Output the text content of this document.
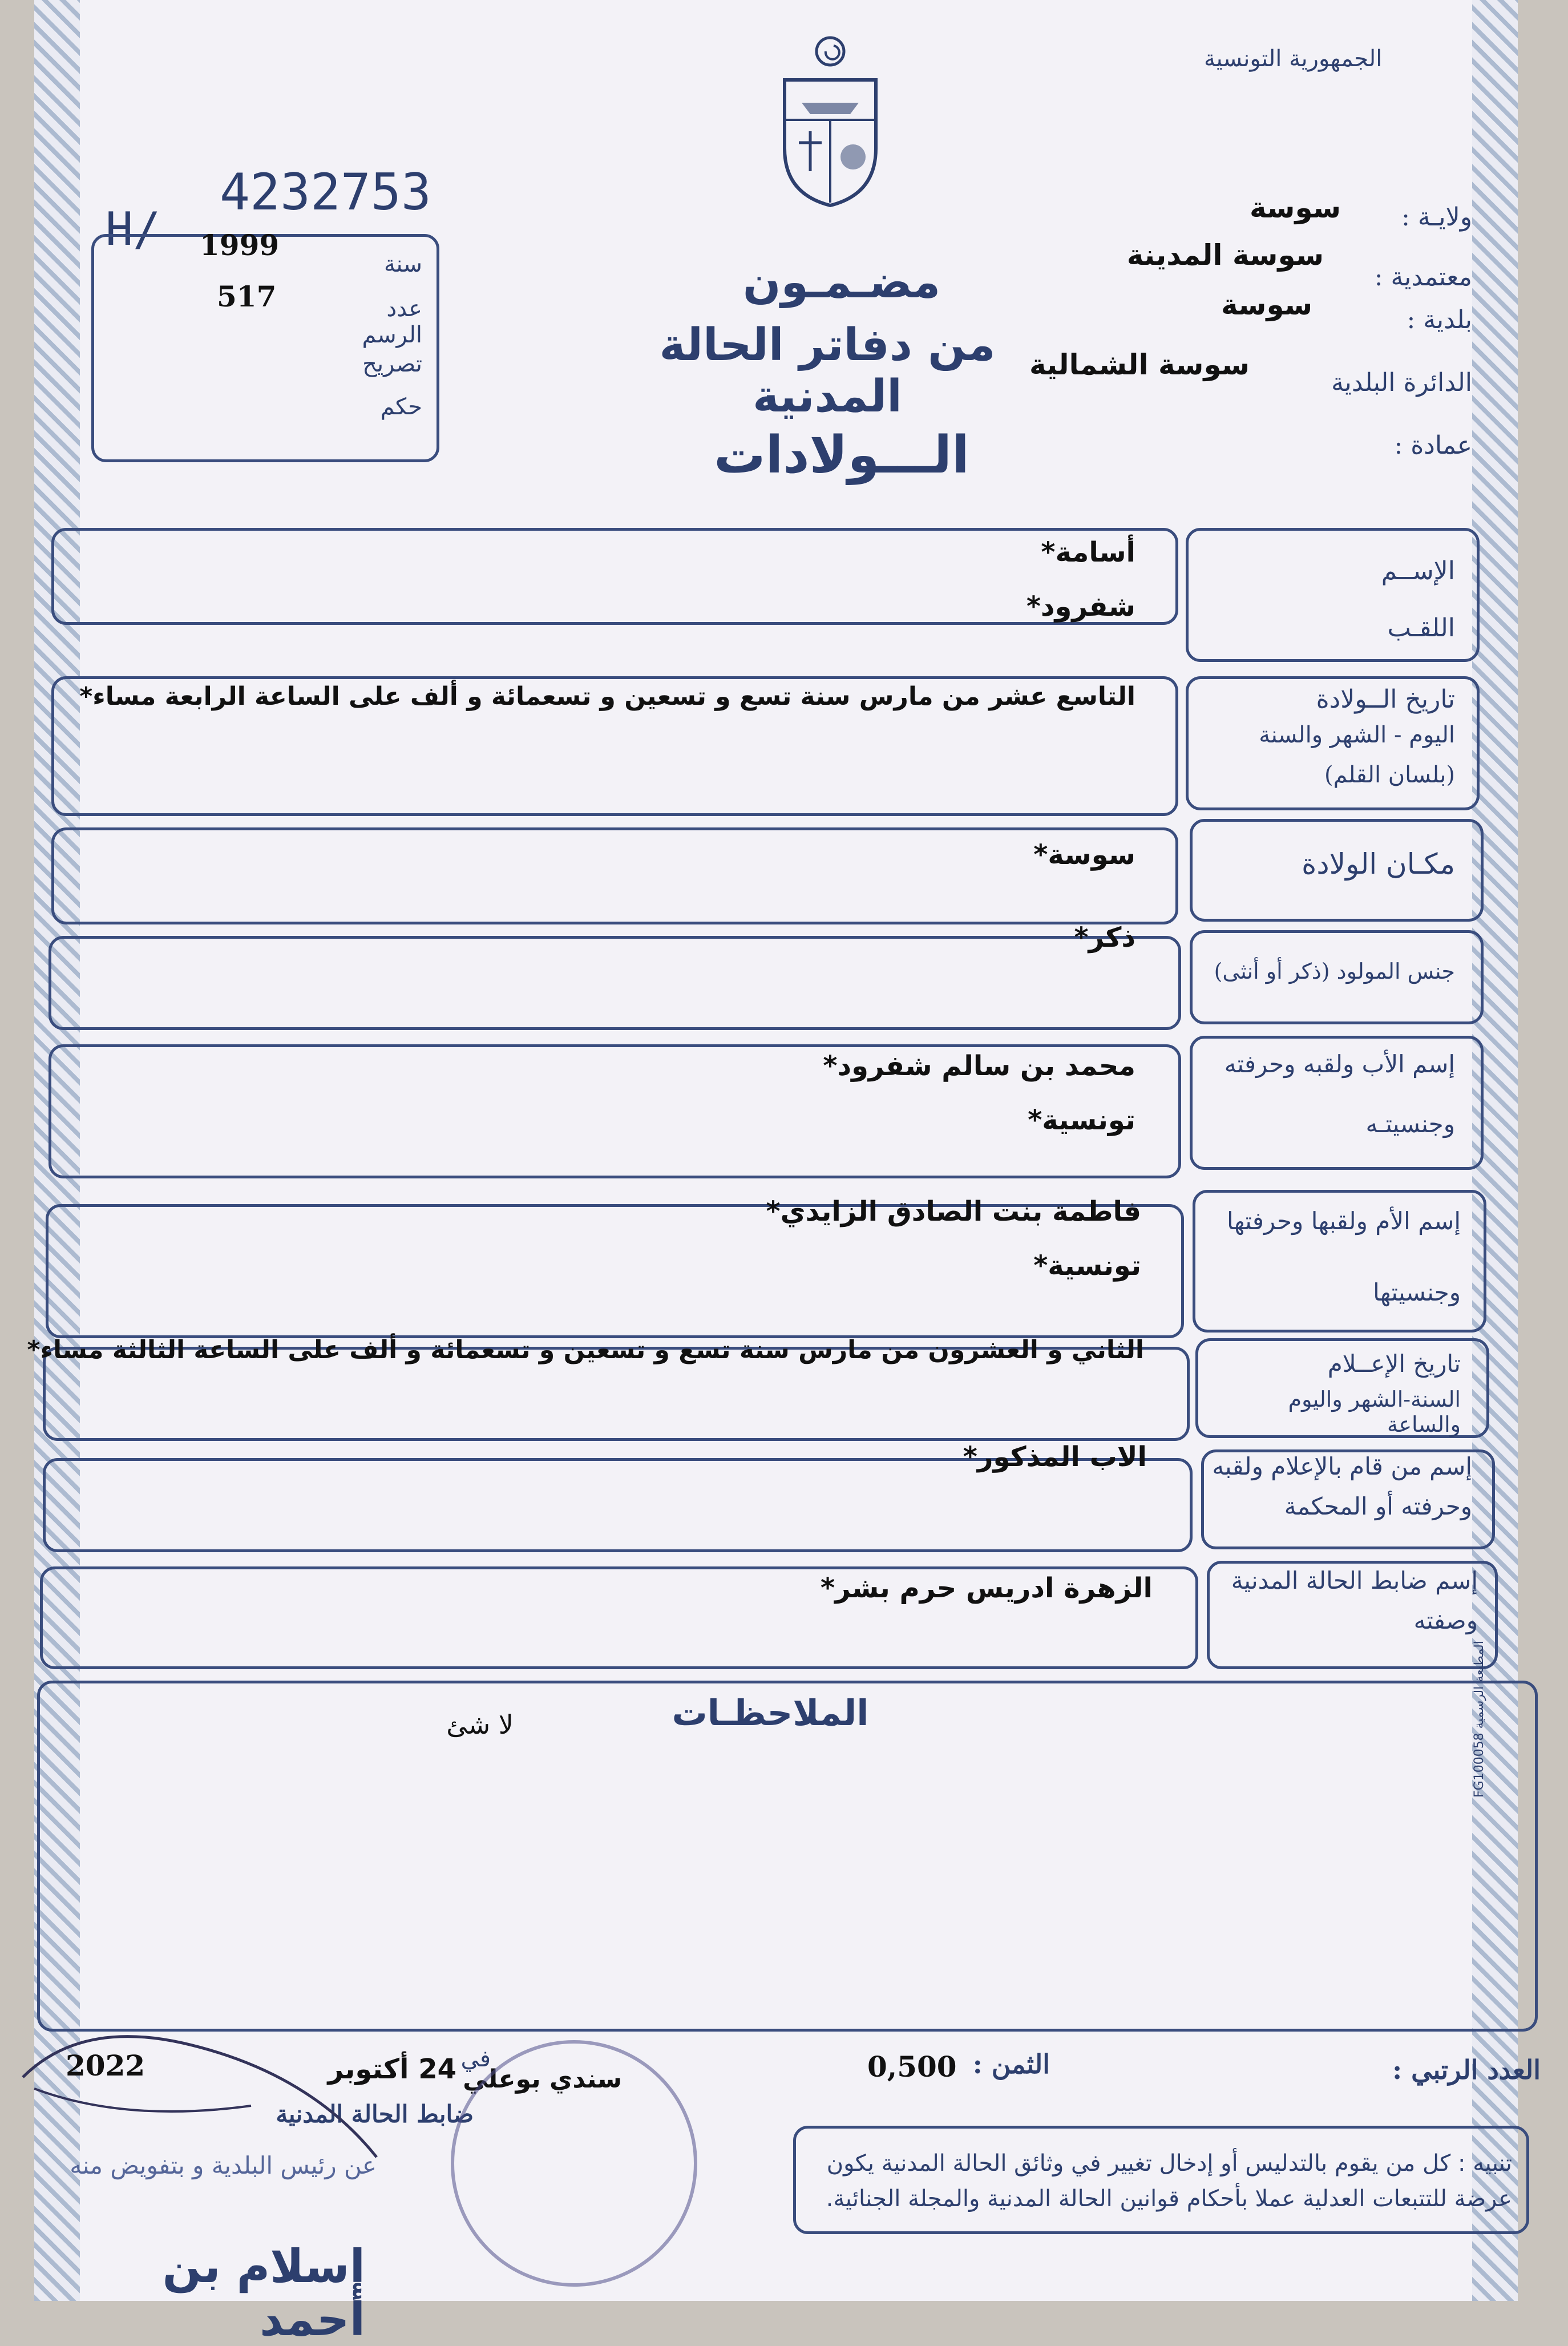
الجمهورية التونسية
H/
4232753
1999
517
سنة
عدد الرسم
تصريح
حكم
ولايـة :
سوسة
معتمدية :
سوسة المدينة
بلدية :
سوسة
الدائرة البلدية
سوسة الشمالية
عمادة :
مضـمـون
من دفاتر الحالة المدنية
الـــولادات
الإســم
اللقـب
أسامة*
شفرود*
تاريخ الــولادة
اليوم - الشهر والسنة
(بلسان القلم)
التاسع عشر من مارس سنة تسع و تسعين و تسعمائة و ألف على الساعة الرابعة مساء*
مكـان الولادة
سوسة*
جنس المولود (ذكر أو أنثى)
ذكر*
إسم الأب ولقبه وحرفته
وجنسيتـه
محمد بن سالم شفرود*
تونسية*
إسم الأم ولقبها وحرفتها
وجنسيتها
فاطمة بنت الصادق الزايدي*
تونسية*
تاريخ الإعــلام
السنة-الشهر واليوم والساعة
الثاني و العشرون من مارس سنة تسع و تسعين و تسعمائة و ألف على الساعة الثالثة مساء*
إسم من قام بالإعلام ولقبه
وحرفته أو المحكمة
الاب المذكور*
إسم ضابط الحالة المدنية
وصفته
الزهرة ادريس حرم بشر*
الملاحظـات
لا شئ
المطبعة الرسمية FG100058
العدد الرتبي :
الثمن :
0,500
تنبيه : كل من يقوم بالتدليس أو إدخال تغيير في وثائق الحالة المدنية يكون عرضة للتتبعات العدلية عملا بأحكام قوانين الحالة المدنية والمجلة الجنائية.
2022	24 أكتوبر في
سندي بوعلي
ضابط الحالة المدنية
عن رئيس البلدية و بتفويض منه
إسلام بن أحمد
